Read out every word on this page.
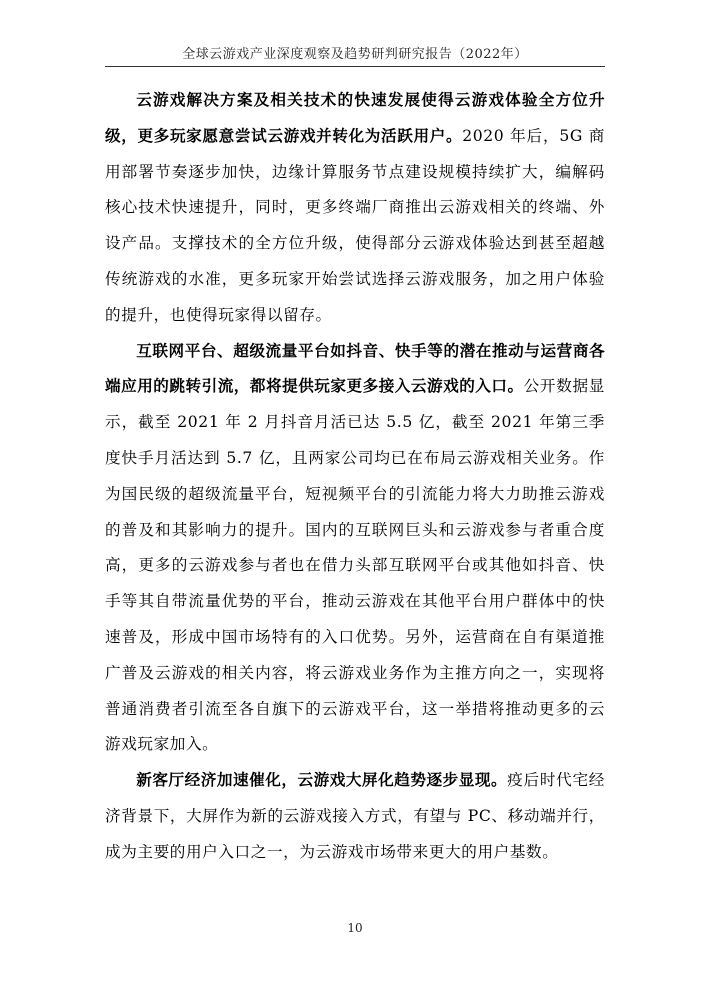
全球云游戏产业深度观察及趋势研判研究报告（2022年）

云游戏解决方案及相关技术的快速发展使得云游戏体验全方位升级，更多玩家愿意尝试云游戏并转化为活跃用户。2020 年后，5G 商用部署节奏逐步加快，边缘计算服务节点建设规模持续扩大，编解码核心技术快速提升，同时，更多终端厂商推出云游戏相关的终端、外设产品。支撑技术的全方位升级，使得部分云游戏体验达到甚至超越传统游戏的水准，更多玩家开始尝试选择云游戏服务，加之用户体验的提升，也使得玩家得以留存。

互联网平台、超级流量平台如抖音、快手等的潜在推动与运营商各端应用的跳转引流，都将提供玩家更多接入云游戏的入口。公开数据显示，截至 2021 年 2 月抖音月活已达 5.5 亿，截至 2021 年第三季度快手月活达到 5.7 亿，且两家公司均已在布局云游戏相关业务。作为国民级的超级流量平台，短视频平台的引流能力将大力助推云游戏的普及和其影响力的提升。国内的互联网巨头和云游戏参与者重合度高，更多的云游戏参与者也在借力头部互联网平台或其他如抖音、快手等其自带流量优势的平台，推动云游戏在其他平台用户群体中的快速普及，形成中国市场特有的入口优势。另外，运营商在自有渠道推广普及云游戏的相关内容，将云游戏业务作为主推方向之一，实现将普通消费者引流至各自旗下的云游戏平台，这一举措将推动更多的云游戏玩家加入。

新客厅经济加速催化，云游戏大屏化趋势逐步显现。疫后时代宅经济背景下，大屏作为新的云游戏接入方式，有望与 PC、移动端并行，成为主要的用户入口之一，为云游戏市场带来更大的用户基数。

10
